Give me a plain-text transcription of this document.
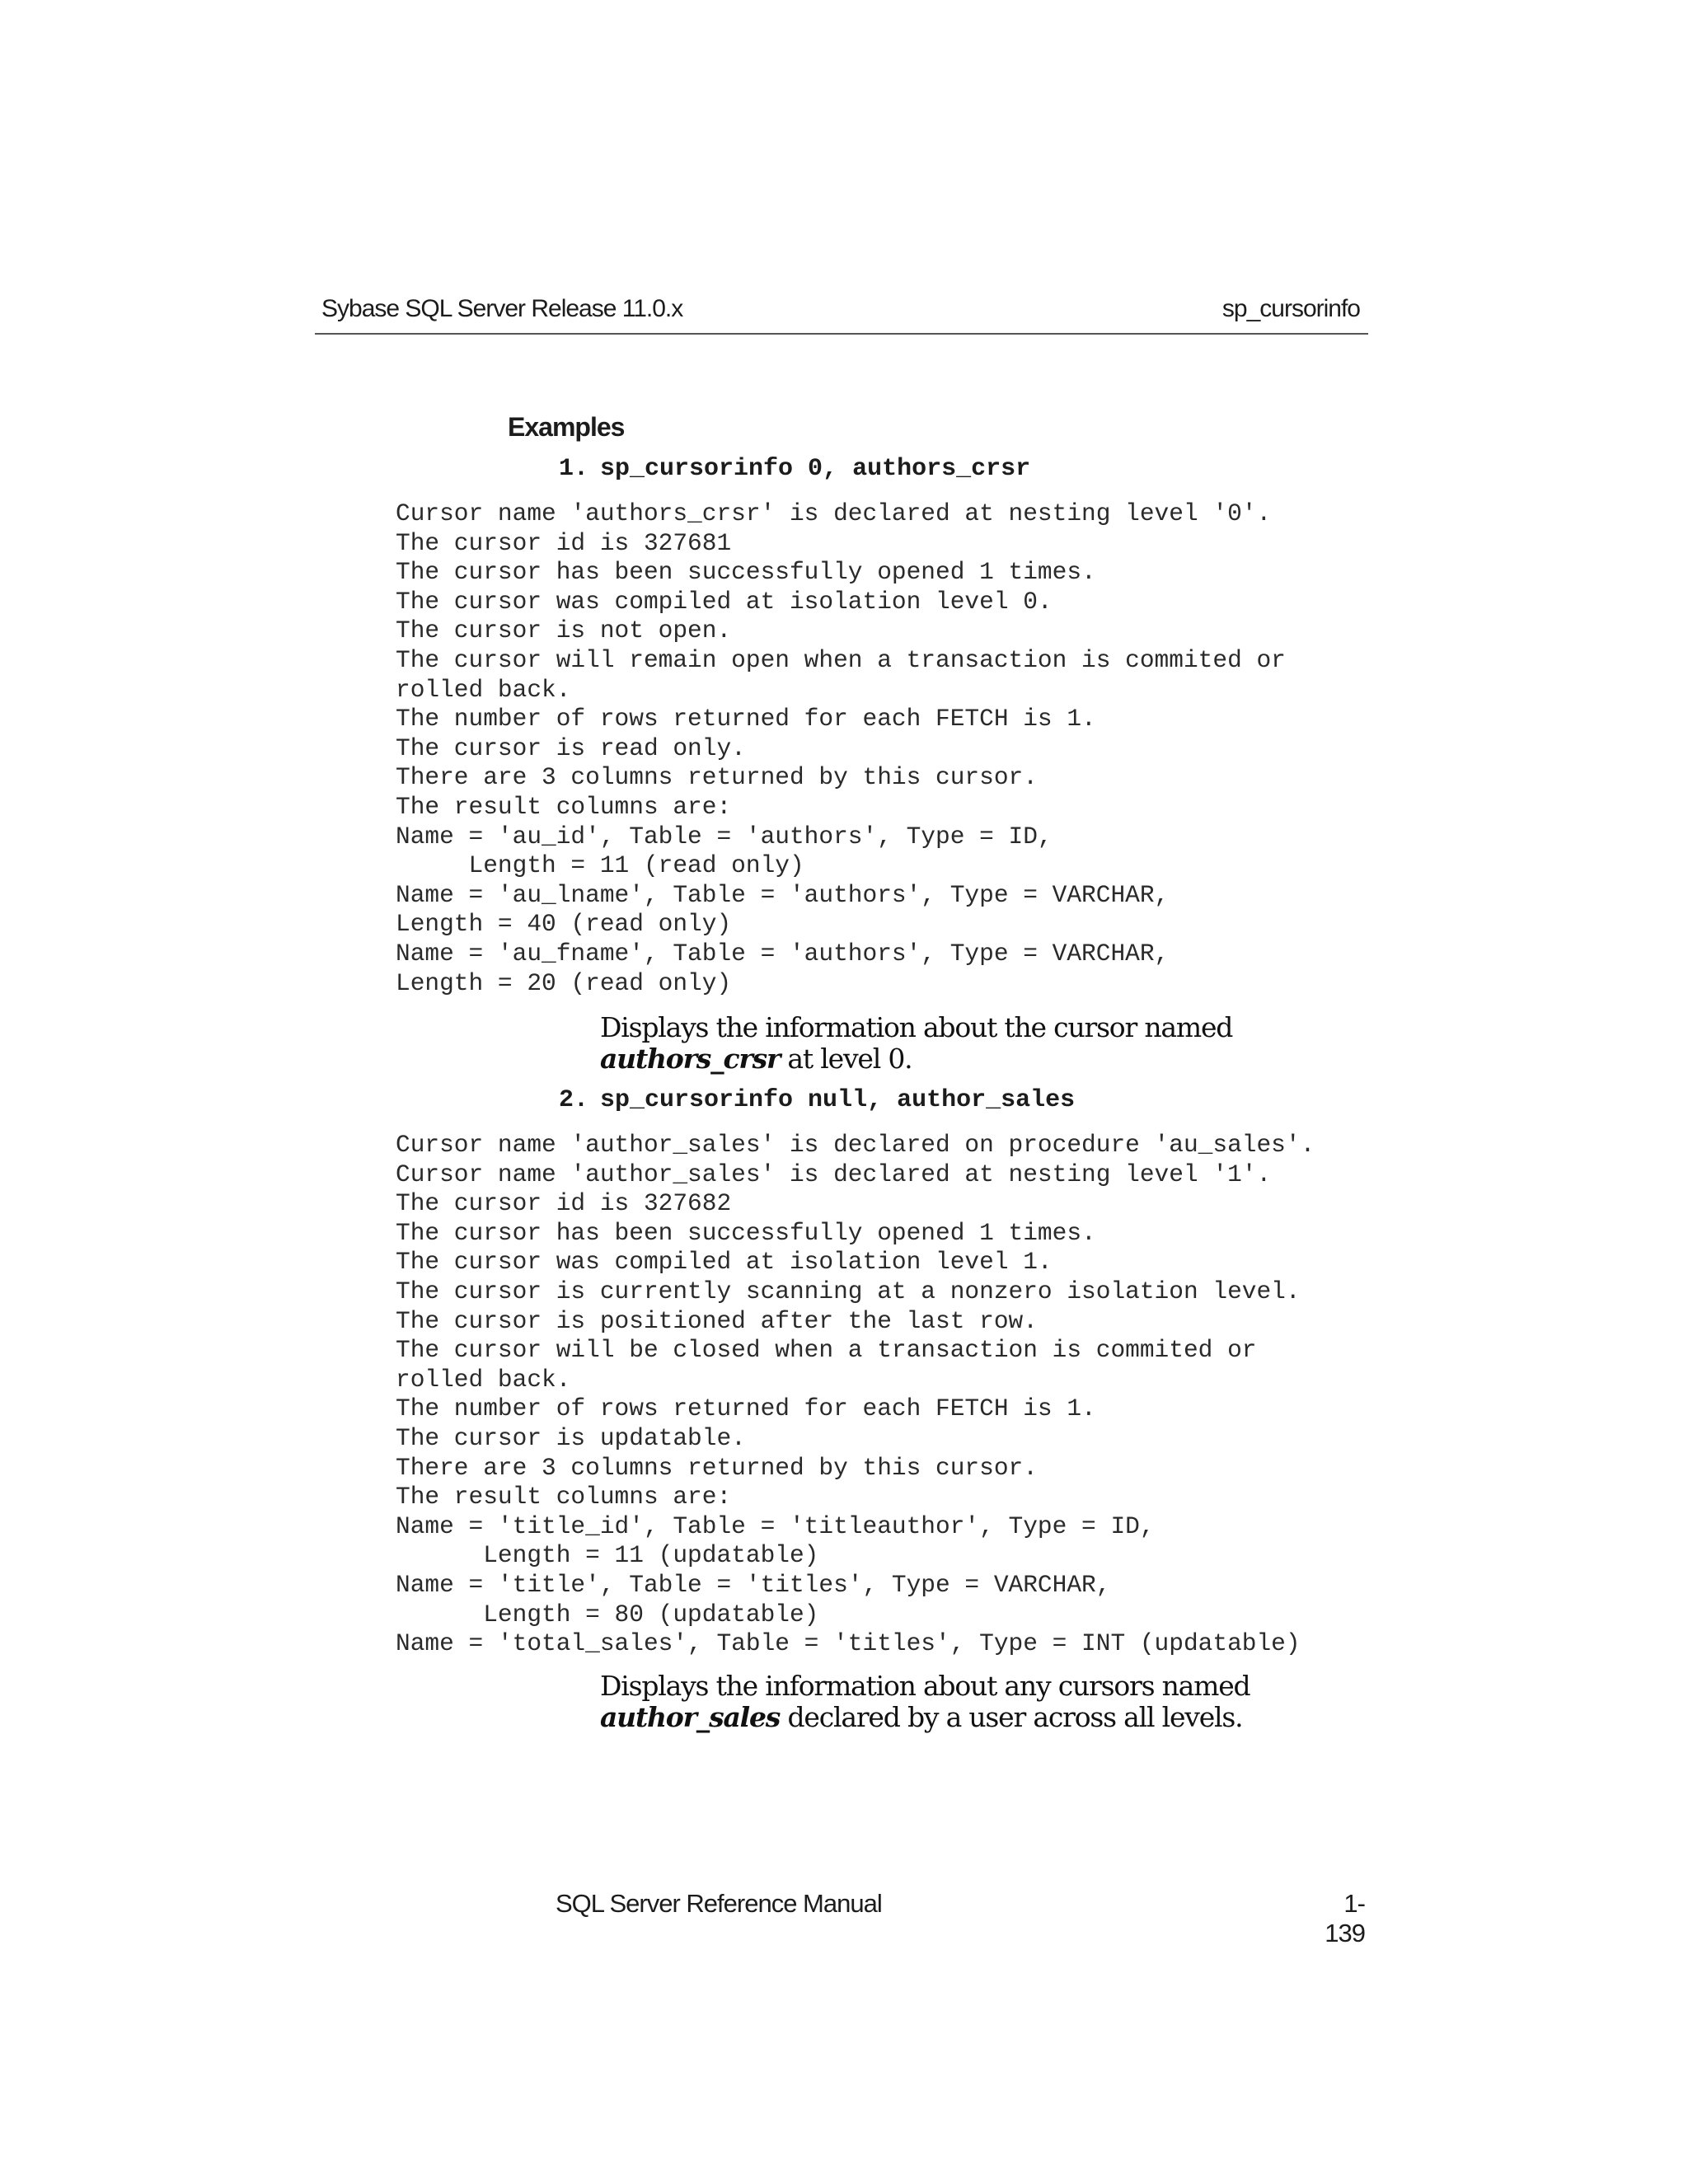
Sybase SQL Server Release 11.0.x	sp_cursorinfo
Examples
1. sp_cursorinfo 0, authors_crsr
Cursor name 'authors_crsr' is declared at nesting level '0'.
The cursor id is 327681
The cursor has been successfully opened 1 times.
The cursor was compiled at isolation level 0.
The cursor is not open.
The cursor will remain open when a transaction is commited or
rolled back.
The number of rows returned for each FETCH is 1.
The cursor is read only.
There are 3 columns returned by this cursor.
The result columns are:
Name = 'au_id', Table = 'authors', Type = ID,
Length = 11 (read only)
Name = 'au_lname', Table = 'authors', Type = VARCHAR,
Length = 40 (read only)
Name = 'au_fname', Table = 'authors', Type = VARCHAR,
Length = 20 (read only)
Displays the information about the cursor named authors_crsr at level 0.
2. sp_cursorinfo null, author_sales
Cursor name 'author_sales' is declared on procedure 'au_sales'.
Cursor name 'author_sales' is declared at nesting level '1'.
The cursor id is 327682
The cursor has been successfully opened 1 times.
The cursor was compiled at isolation level 1.
The cursor is currently scanning at a nonzero isolation level.
The cursor is positioned after the last row.
The cursor will be closed when a transaction is commited or
rolled back.
The number of rows returned for each FETCH is 1.
The cursor is updatable.
There are 3 columns returned by this cursor.
The result columns are:
Name = 'title_id', Table = 'titleauthor', Type = ID,
Length = 11 (updatable)
Name = 'title', Table = 'titles', Type = VARCHAR,
Length = 80 (updatable)
Name = 'total_sales', Table = 'titles', Type = INT (updatable)
Displays the information about any cursors named author_sales declared by a user across all levels.
SQL Server Reference Manual	1-139
